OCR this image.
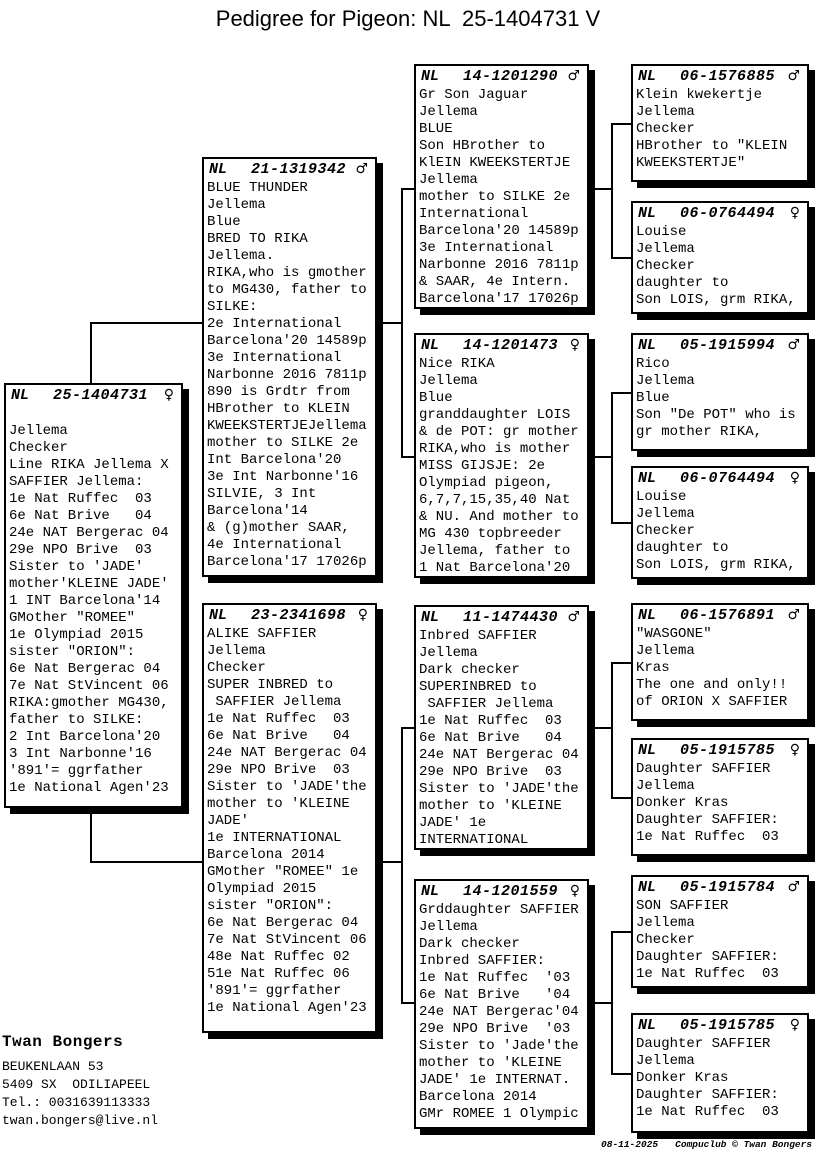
Pedigree for Pigeon: NL  25-1404731 V
NL 25-1404731 ♀
Jellema
Checker
Line RIKA Jellema X
SAFFIER Jellema:
1e Nat Ruffec  03
6e Nat Brive   04
24e NAT Bergerac 04
29e NPO Brive  03
Sister to 'JADE'
mother'KLEINE JADE'
1 INT Barcelona'14
GMother "ROMEE"
1e Olympiad 2015
sister "ORION":
6e Nat Bergerac 04
7e Nat StVincent 06
RIKA:gmother MG430,
father to SILKE:
2 Int Barcelona'20
3 Int Narbonne'16
'891'= ggrfather
1e National Agen'23
NL 21-1319342 ♂
BLUE THUNDER
Jellema
Blue
BRED TO RIKA
Jellema.
RIKA,who is gmother
to MG430, father to
SILKE:
2e International
Barcelona'20 14589p
3e International
Narbonne 2016 7811p
890 is Grdtr from
HBrother to KLEIN
KWEEKSTERTJEJellema
mother to SILKE 2e
Int Barcelona'20
3e Int Narbonne'16
SILVIE, 3 Int
Barcelona'14
& (g)mother SAAR,
4e International
Barcelona'17 17026p
NL 23-2341698 ♀
ALIKE SAFFIER
Jellema
Checker
SUPER INBRED to
SAFFIER Jellema
1e Nat Ruffec  03
6e Nat Brive   04
24e NAT Bergerac 04
29e NPO Brive  03
Sister to 'JADE'the
mother to 'KLEINE
JADE'
1e INTERNATIONAL
Barcelona 2014
GMother "ROMEE" 1e
Olympiad 2015
sister "ORION":
6e Nat Bergerac 04
7e Nat StVincent 06
48e Nat Ruffec 02
51e Nat Ruffec 06
'891'= ggrfather
1e National Agen'23
NL 14-1201290 ♂
Gr Son Jaguar
Jellema
BLUE
Son HBrother to
KlEIN KWEEKSTERTJE
Jellema
mother to SILKE 2e
International
Barcelona'20 14589p
3e International
Narbonne 2016 7811p
& SAAR, 4e Intern.
Barcelona'17 17026p
NL 14-1201473 ♀
Nice RIKA
Jellema
Blue
granddaughter LOIS
& de POT: gr mother
RIKA,who is mother
MISS GIJSJE: 2e
Olympiad pigeon,
6,7,7,15,35,40 Nat
& NU. And mother to
MG 430 topbreeder
Jellema, father to
1 Nat Barcelona'20
NL 11-1474430 ♂
Inbred SAFFIER
Jellema
Dark checker
SUPERINBRED to
SAFFIER Jellema
1e Nat Ruffec  03
6e Nat Brive   04
24e NAT Bergerac 04
29e NPO Brive  03
Sister to 'JADE'the
mother to 'KLEINE
JADE' 1e
INTERNATIONAL
NL 14-1201559 ♀
Grddaughter SAFFIER
Jellema
Dark checker
Inbred SAFFIER:
1e Nat Ruffec  '03
6e Nat Brive   '04
24e NAT Bergerac'04
29e NPO Brive  '03
Sister to 'Jade'the
mother to 'KLEINE
JADE' 1e INTERNAT.
Barcelona 2014
GMr ROMEE 1 Olympic
NL 06-1576885 ♂
Klein kwekertje
Jellema
Checker
HBrother to "KLEIN
KWEEKSTERTJE"
NL 06-0764494 ♀
Louise
Jellema
Checker
daughter to
Son LOIS, grm RIKA,
NL 05-1915994 ♂
Rico
Jellema
Blue
Son "De POT" who is
gr mother RIKA,
NL 06-0764494 ♀
Louise
Jellema
Checker
daughter to
Son LOIS, grm RIKA,
NL 06-1576891 ♂
"WASGONE"
Jellema
Kras
The one and only!!
of ORION X SAFFIER
NL 05-1915785 ♀
Daughter SAFFIER
Jellema
Donker Kras
Daughter SAFFIER:
1e Nat Ruffec  03
NL 05-1915784 ♂
SON SAFFIER
Jellema
Checker
Daughter SAFFIER:
1e Nat Ruffec  03
NL 05-1915785 ♀
Daughter SAFFIER
Jellema
Donker Kras
Daughter SAFFIER:
1e Nat Ruffec  03
Twan Bongers
BEUKENLAAN 53
5409 SX  ODILIAPEEL
Tel.: 0031639113333
twan.bongers@live.nl
08-11-2025 Compuclub © Twan Bongers
